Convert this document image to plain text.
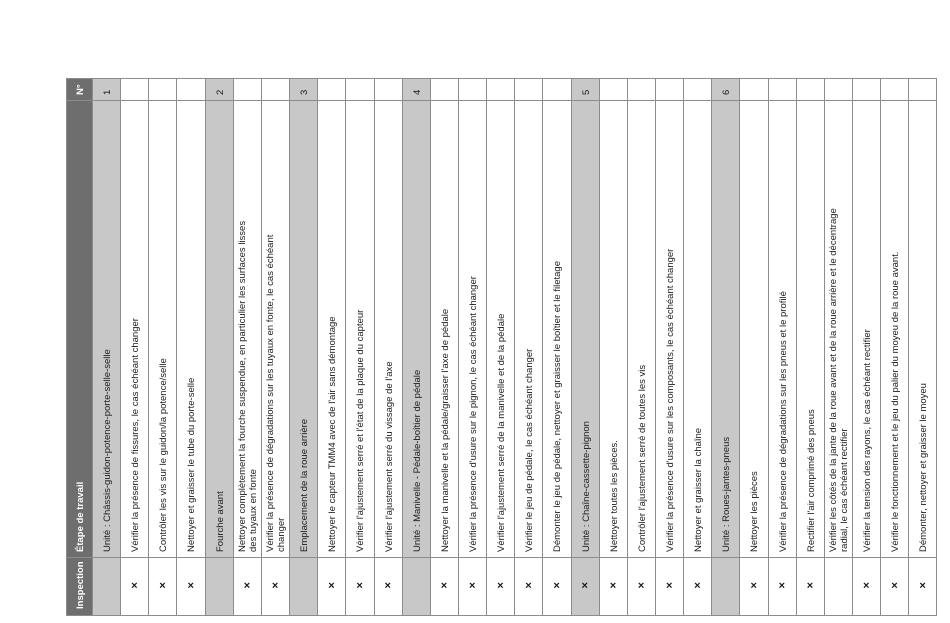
N°
Étape de travail
Inspection
1
Unité : Châssis-guidon-potence-porte-selle-selle Vérifier la présence de fissures, le cas échéant changer
×
Contrôler les vis sur le guidon/la potence/selle
×
Nettoyer et graisser le tube du porte-selle
×
2
Fourche avant Nettoyer complètement la fourche suspendue, en particulier les surfaces lisses des tuyaux en fonte
×
Vérifier la présence de dégradations sur les tuyaux en fonte, le cas échéant changer
×
3
Emplacement de la roue arrière Nettoyer le capteur TMM4 avec de l'air sans démontage
×
Vérifier l'ajustement serré et l'état de la plaque du capteur
×
Vérifier l'ajustement serré du vissage de l'axe
×
4
Unité : Manivelle - Pédale-boîtier de pédale Nettoyer la manivelle et la pédale/graisser l'axe de pédale
×
Vérifier la présence d'usure sur le pignon, le cas échéant changer
×
Vérifier l'ajustement serré de la manivelle et de la pédale
×
Vérifier le jeu de pédale, le cas échéant changer
×
Démonter le jeu de pédale, nettoyer et graisser le boîtier et le filetage
×
5
Unité : Chaîne-cassette-pignon
×
Nettoyer toutes les pièces.
×
Contrôler l'ajustement serré de toutes les vis
×
Vérifier la présence d'usure sur les composants, le cas échéant changer
×
Nettoyer et graisser la chaîne
×
6
Unité : Roues-jantes-pneus Nettoyer les pièces
×
Vérifier la présence de dégradations sur les pneus et le profilé
×
Rectifier l'air comprimé des pneus
×
Vérifier les côtés de la jante de la roue avant et de la roue arrière et le décentrage radial, le cas échéant rectifier Vérifier la tension des rayons, le cas échéant rectifier
×
Vérifier le fonctionnement et le jeu du palier du moyeu de la roue avant.
×
Démonter, nettoyer et graisser le moyeu
×
